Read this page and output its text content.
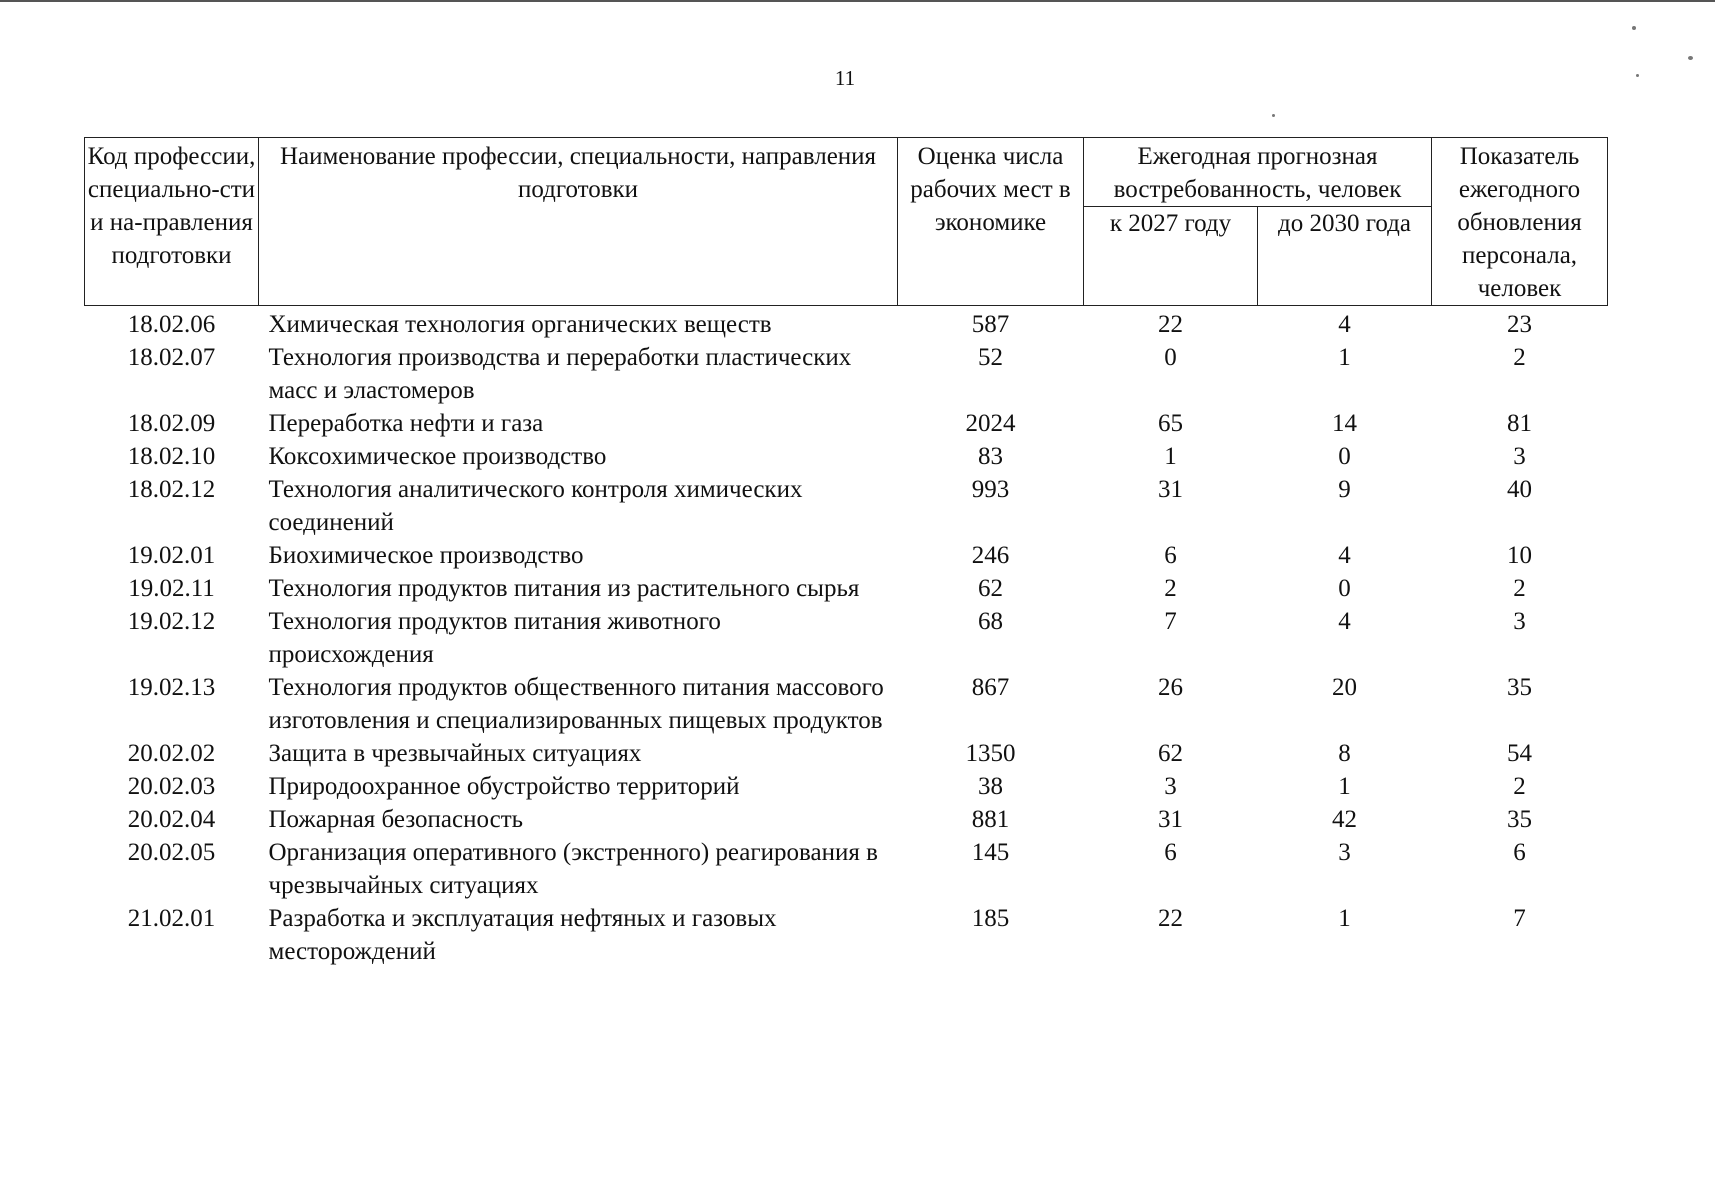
11
Код профессии, специально-сти и на-правления подготовки	Наименование профессии, специальности, направления подготовки	Оценка числа рабочих мест в экономике	Ежегодная прогнозная востребованность, человек		Показатель ежегодного обновления персонала, человек
			к 2027 году	до 2030 года	
18.02.06	Химическая технология органических веществ	587	22	4	23
18.02.07	Технология производства и переработки пластических масс и эластомеров	52	0	1	2
18.02.09	Переработка нефти и газа	2024	65	14	81
18.02.10	Коксохимическое производство	83	1	0	3
18.02.12	Технология аналитического контроля химических соединений	993	31	9	40
19.02.01	Биохимическое производство	246	6	4	10
19.02.11	Технология продуктов питания из растительного сырья	62	2	0	2
19.02.12	Технология продуктов питания животного происхождения	68	7	4	3
19.02.13	Технология продуктов общественного питания массового изготовления и специализированных пищевых продуктов	867	26	20	35
20.02.02	Защита в чрезвычайных ситуациях	1350	62	8	54
20.02.03	Природоохранное обустройство территорий	38	3	1	2
20.02.04	Пожарная безопасность	881	31	42	35
20.02.05	Организация оперативного (экстренного) реагирования в чрезвычайных ситуациях	145	6	3	6
21.02.01	Разработка и эксплуатация нефтяных и газовых месторождений	185	22	1	7
